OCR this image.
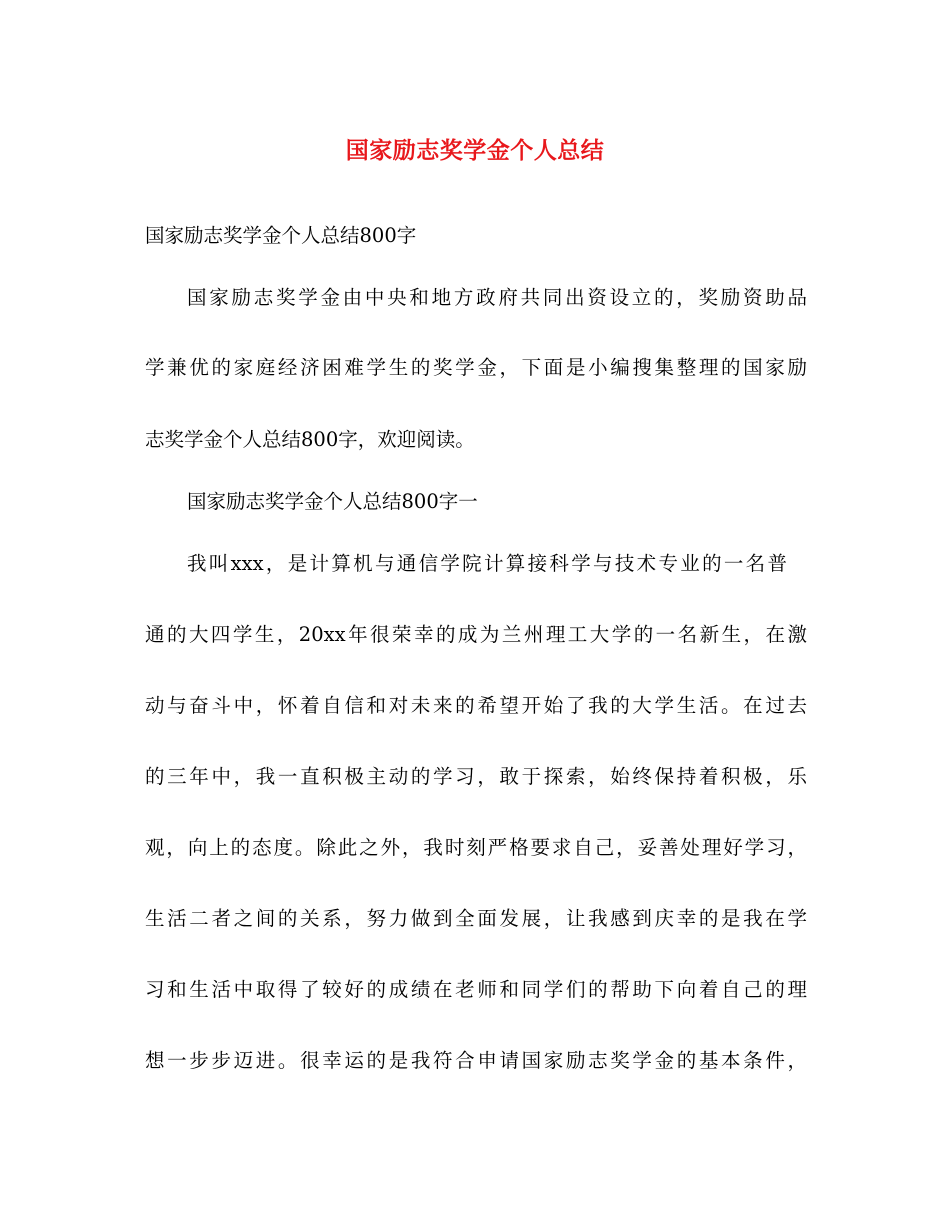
国家励志奖学金个人总结
国家励志奖学金个人总结800字
国家励志奖学金由中央和地方政府共同出资设立的，奖励资助品
学兼优的家庭经济困难学生的奖学金，下面是小编搜集整理的国家励
志奖学金个人总结800字，欢迎阅读。
国家励志奖学金个人总结800字一
我叫xxx，是计算机与通信学院计算接科学与技术专业的一名普
通的大四学生，20xx年很荣幸的成为兰州理工大学的一名新生，在激
动与奋斗中，怀着自信和对未来的希望开始了我的大学生活。在过去
的三年中，我一直积极主动的学习，敢于探索，始终保持着积极，乐
观，向上的态度。除此之外，我时刻严格要求自己，妥善处理好学习，
生活二者之间的关系，努力做到全面发展，让我感到庆幸的是我在学
习和生活中取得了较好的成绩在老师和同学们的帮助下向着自己的理
想一步步迈进。很幸运的是我符合申请国家励志奖学金的基本条件，
